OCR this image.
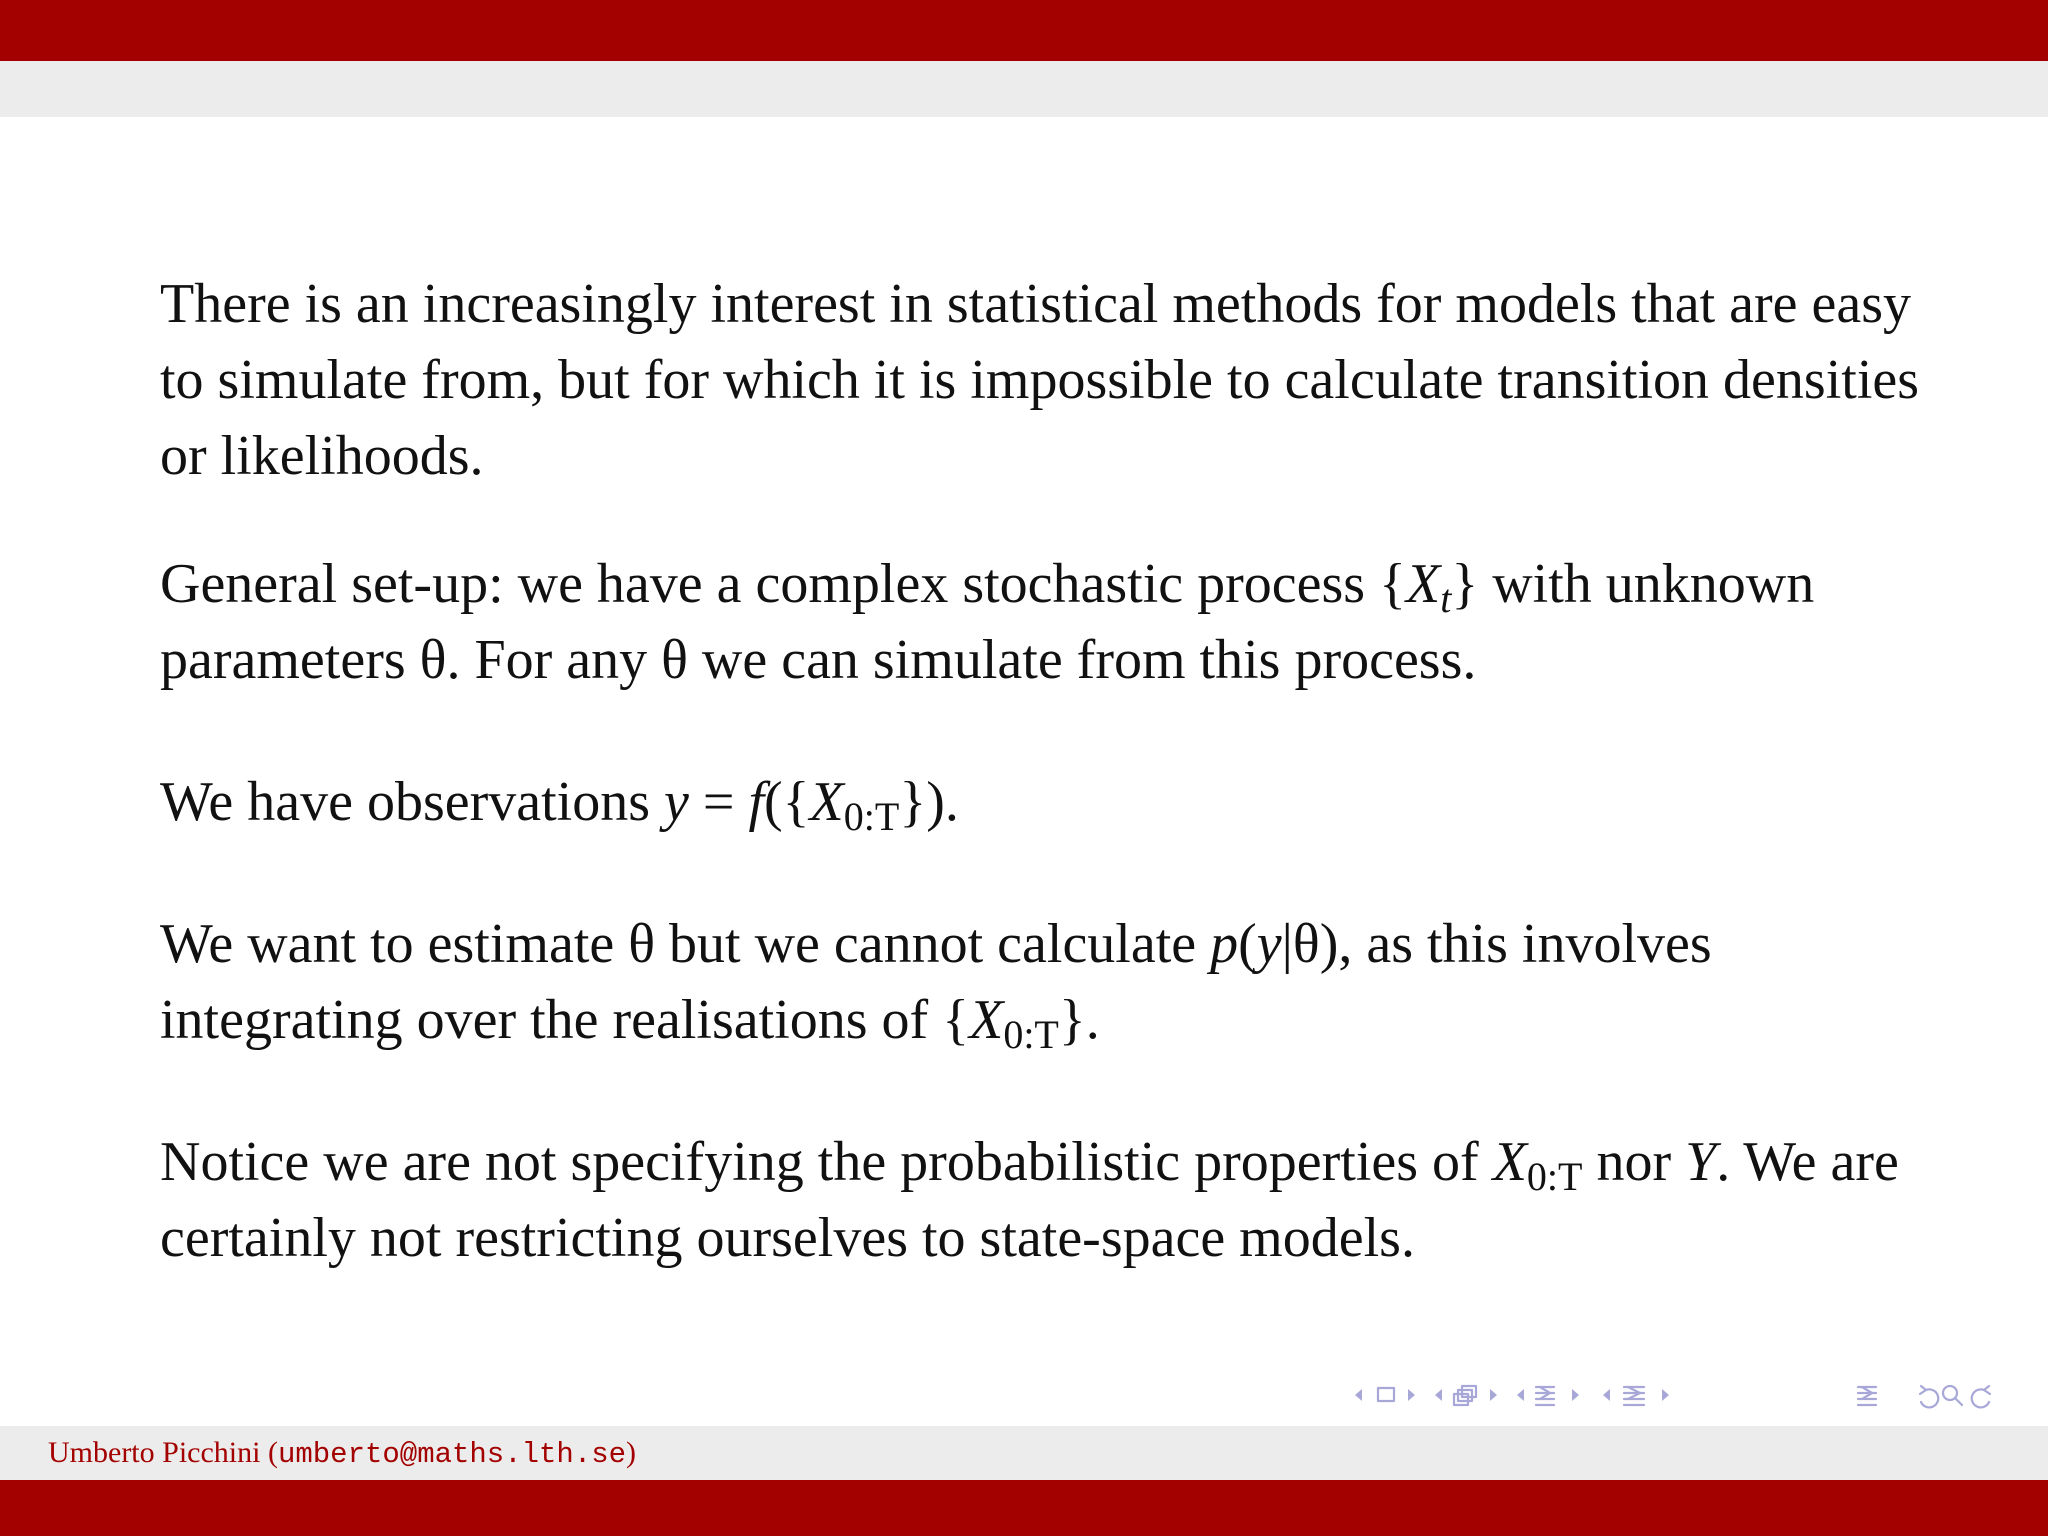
There is an increasingly interest in statistical methods for models that are easy to simulate from, but for which it is impossible to calculate transition densities or likelihoods.

General set-up: we have a complex stochastic process $\{X_t\}$ with unknown parameters θ. For any θ we can simulate from this process.

We have observations $y = f(\{X_{0:T}\})$.

We want to estimate θ but we cannot calculate p(y|θ), as this involves integrating over the realisations of $\{X_{0:T}\}$.

Notice we are not specifying the probabilistic properties of $X_{0:T}$ nor Y. We are certainly not restricting ourselves to state-space models.

Umberto Picchini (umberto@maths.lth.se)
